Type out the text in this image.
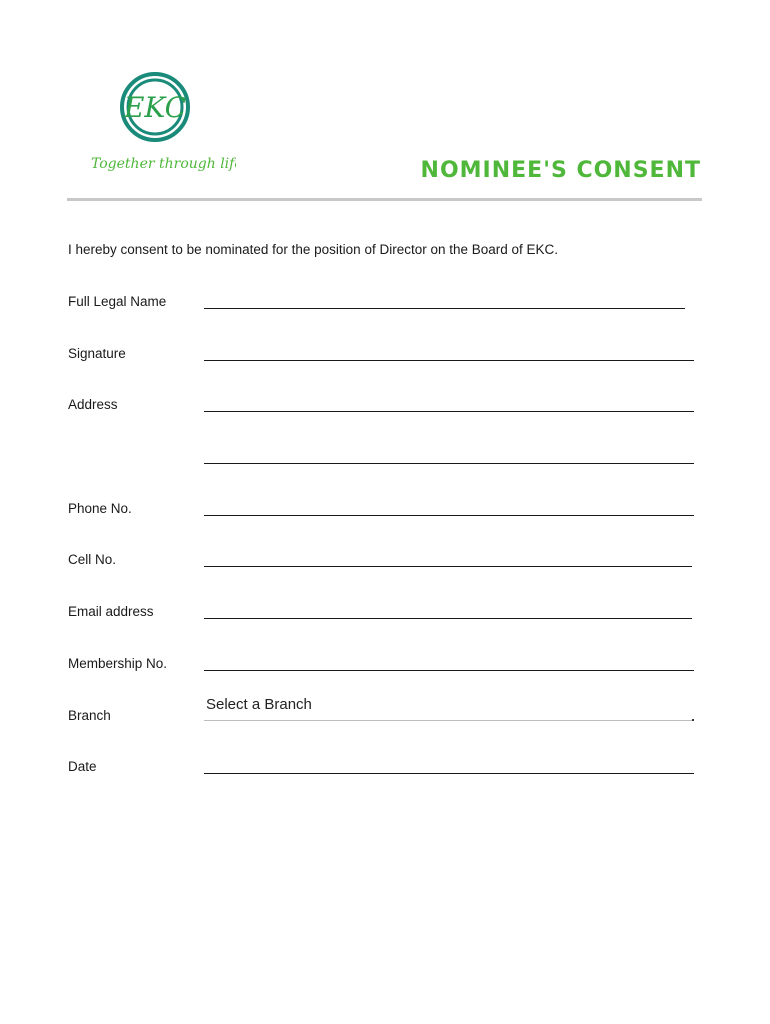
EKC
Together through life	NOMINEE'S CONSENT
I hereby consent to be nominated for the position of Director on the Board of EKC.
Full Legal Name
Signature
Address
Phone No.
Cell No.
Email address
Membership No.
Branch
Select a Branch
Date
